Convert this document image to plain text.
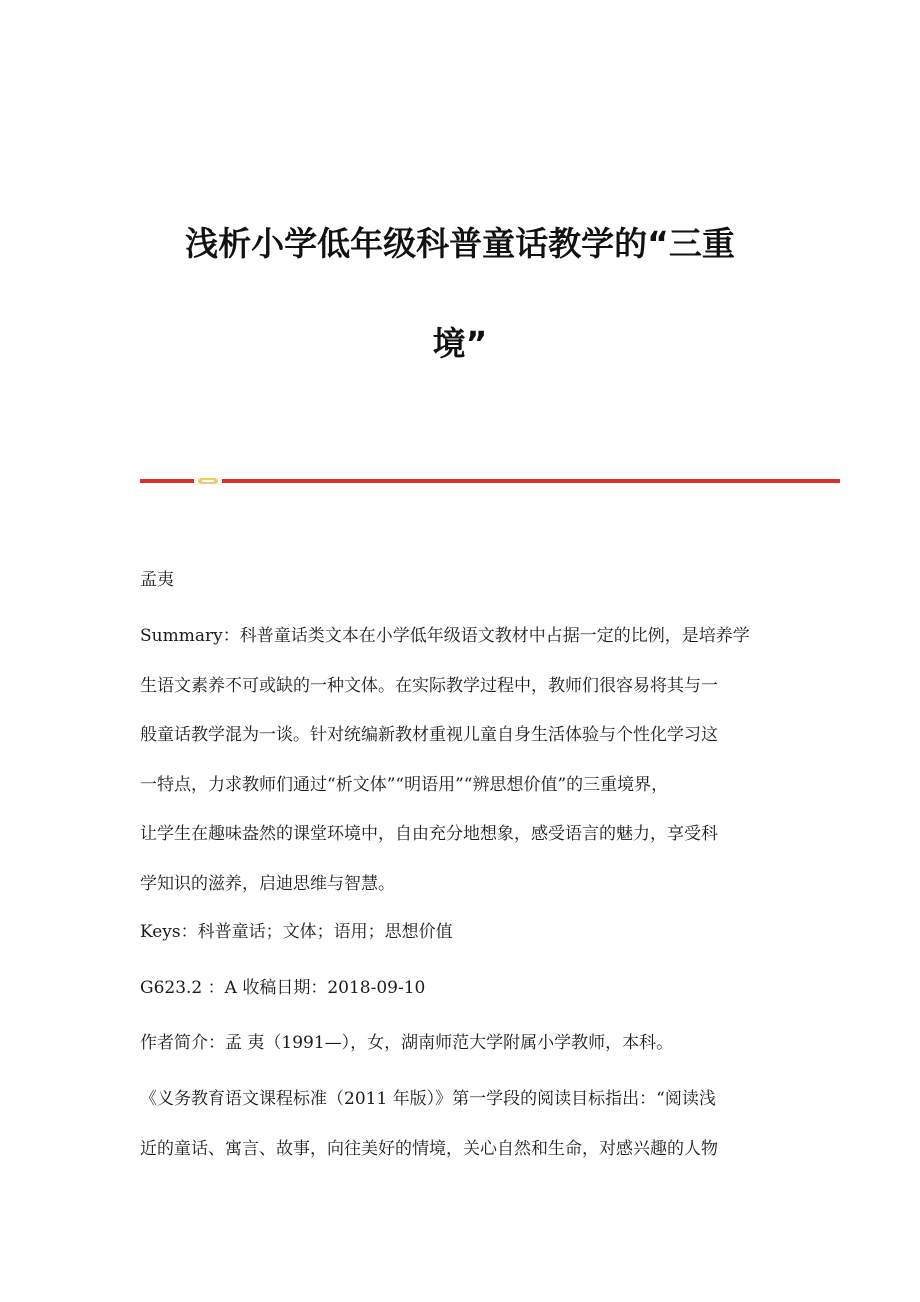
浅析小学低年级科普童话教学的“三重
境”
孟夷
Summary：科普童话类文本在小学低年级语文教材中占据一定的比例，是培养学
生语文素养不可或缺的一种文体。在实际教学过程中，教师们很容易将其与一
般童话教学混为一谈。针对统编新教材重视儿童自身生活体验与个性化学习这
一特点，力求教师们通过“析文体”“明语用”“辨思想价值”的三重境界，
让学生在趣味盎然的课堂环境中，自由充分地想象，感受语言的魅力，享受科
学知识的滋养，启迪思维与智慧。
Keys：科普童话；文体；语用；思想价值
G623.2 ：A 收稿日期：2018-09-10
作者简介：孟 夷（1991—），女，湖南师范大学附属小学教师，本科。
《义务教育语文课程标准（2011 年版）》第一学段的阅读目标指出：“阅读浅
近的童话、寓言、故事，向往美好的情境，关心自然和生命，对感兴趣的人物
